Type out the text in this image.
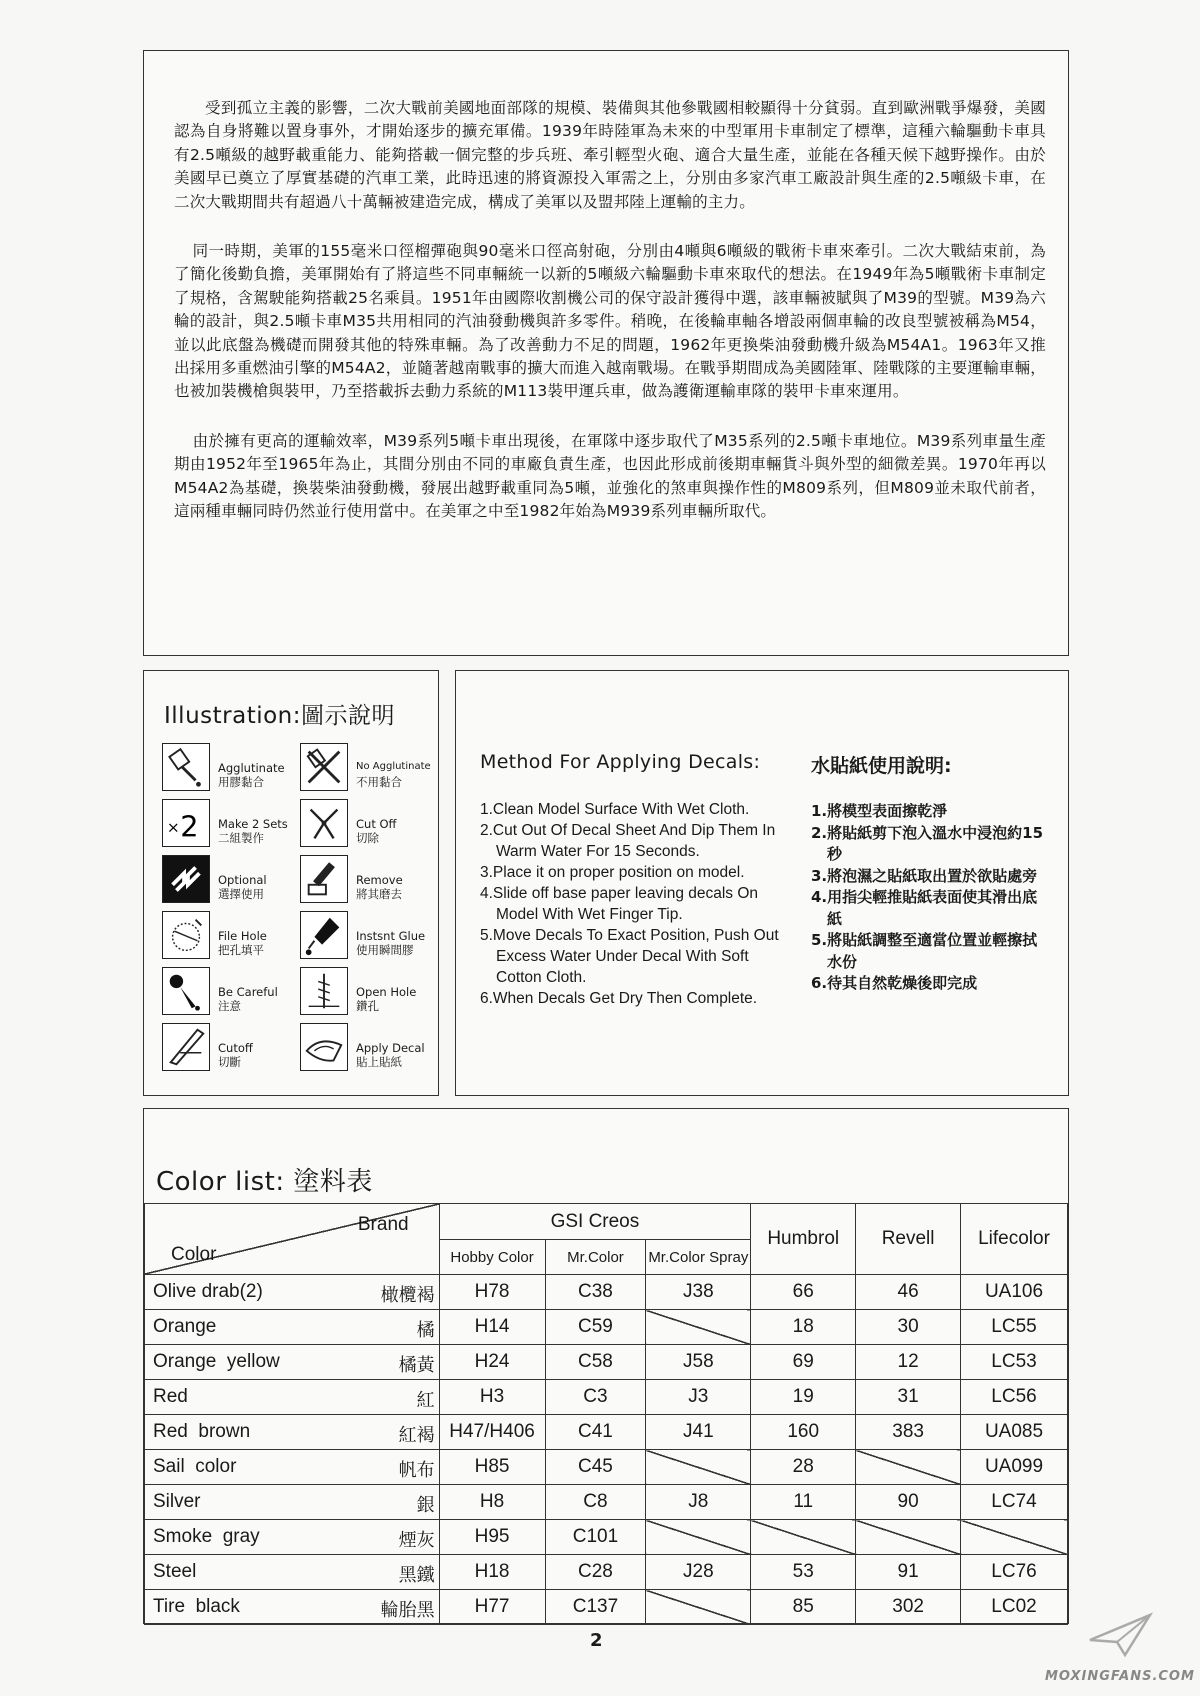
受到孤立主義的影響，二次大戰前美國地面部隊的規模、裝備與其他參戰國相較顯得十分貧弱。直到歐洲戰爭爆發，美國認為自身將難以置身事外，才開始逐步的擴充軍備。1939年時陸軍為未來的中型軍用卡車制定了標準，這種六輪驅動卡車具有2.5噸級的越野載重能力、能夠搭載一個完整的步兵班、牽引輕型火砲、適合大量生產，並能在各種天候下越野操作。由於美國早已奠立了厚實基礎的汽車工業，此時迅速的將資源投入軍需之上，分別由多家汽車工廠設計與生產的2.5噸級卡車，在二次大戰期間共有超過八十萬輛被建造完成，構成了美軍以及盟邦陸上運輸的主力。

同一時期，美軍的155毫米口徑榴彈砲與90毫米口徑高射砲，分別由4噸與6噸級的戰術卡車來牽引。二次大戰結束前，為了簡化後勤負擔，美軍開始有了將這些不同車輛統一以新的5噸級六輪驅動卡車來取代的想法。在1949年為5噸戰術卡車制定了規格，含駕駛能夠搭載25名乘員。1951年由國際收割機公司的保守設計獲得中選，該車輛被賦與了M39的型號。M39為六輪的設計，與2.5噸卡車M35共用相同的汽油發動機與許多零件。稍晚，在後輪車軸各增設兩個車輪的改良型號被稱為M54，並以此底盤為機礎而開發其他的特殊車輛。為了改善動力不足的問題，1962年更換柴油發動機升級為M54A1。1963年又推出採用多重燃油引擎的M54A2，並隨著越南戰事的擴大而進入越南戰場。在戰爭期間成為美國陸軍、陸戰隊的主要運輸車輛，也被加裝機槍與裝甲，乃至搭載拆去動力系統的M113裝甲運兵車，做為護衛運輸車隊的裝甲卡車來運用。

由於擁有更高的運輸效率，M39系列5噸卡車出現後，在軍隊中逐步取代了M35系列的2.5噸卡車地位。M39系列車量生產期由1952年至1965年為止，其間分別由不同的車廠負責生產，也因此形成前後期車輛貨斗與外型的細微差異。1970年再以M54A2為基礎，換裝柴油發動機，發展出越野載重同為5噸，並強化的煞車與操作性的M809系列，但M809並未取代前者，這兩種車輛同時仍然並行使用當中。在美軍之中至1982年始為M939系列車輛所取代。

Illustration:圖示說明
Agglutinate
用膠黏合
No Agglutinate
不用黏合
× 2 Make 2 Sets
二組製作
Cut Off
切除
Optional
選擇使用
Remove
將其磨去
File Hole
把孔填平
Instsnt Glue
使用瞬間膠
Be Careful
注意
Open Hole
鑽孔
Cutoff
切斷
Apply Decal
貼上貼紙
Method For Applying Decals:	水貼紙使用說明:
1.Clean Model Surface With Wet Cloth.
2.Cut Out Of Decal Sheet And Dip Them In Warm Water For 15 Seconds.
3.Place it on proper position on model.
4.Slide off base paper leaving decals On Model With Wet Finger Tip.
5.Move Decals To Exact Position, Push Out Excess Water Under Decal With Soft Cotton Cloth.
6.When Decals Get Dry Then Complete.
1.將模型表面擦乾淨
2.將貼紙剪下泡入溫水中浸泡約15秒
3.將泡濕之貼紙取出置於欲貼處旁
4.用指尖輕推貼紙表面使其滑出底紙
5.將貼紙調整至適當位置並輕擦拭水份
6.待其自然乾燥後即完成
Color list: 塗料表
Brand
Color	GSI Creos			Humbrol	Revell	Lifecolor
	Hobby Color	Mr.Color	Mr.Color Spray			
Olive drab(2) 橄欖褐	H78	C38	J38	66	46	UA106
Orange 橘	H14	C59		18	30	LC55
Orange  yellow 橘黃	H24	C58	J58	69	12	LC53
Red 紅	H3	C3	J3	19	31	LC56
Red  brown 紅褐	H47/H406	C41	J41	160	383	UA085
Sail  color 帆布	H85	C45		28		UA099
Silver 銀	H8	C8	J8	11	90	LC74
Smoke  gray 煙灰	H95	C101				
Steel 黑鐵	H18	C28	J28	53	91	LC76
Tire  black 輪胎黑	H77	C137		85	302	LC02
2
MOXINGFANS.COM
